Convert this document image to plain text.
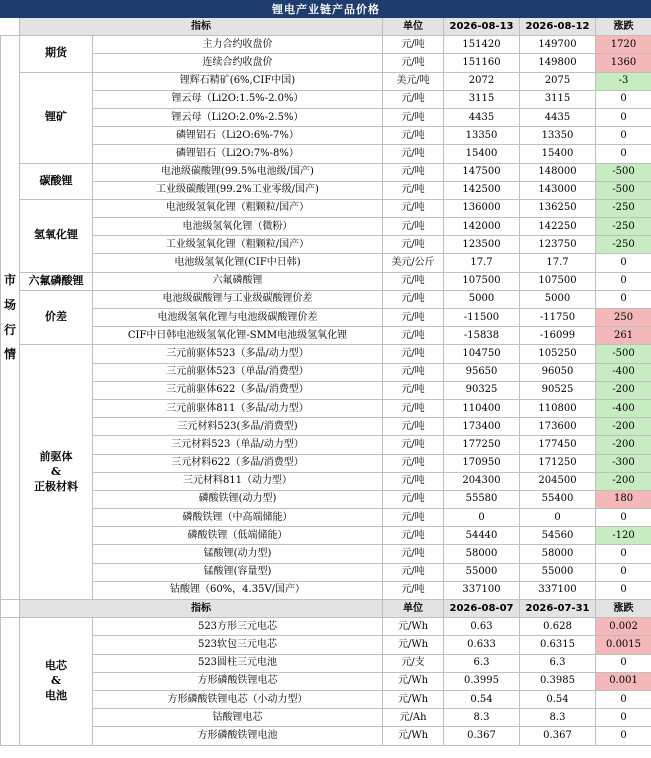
锂电产业链产品价格						
	指标		单位	2026-08-13	2026-08-12	涨跌

市
场
行
情	期货	主力合约收盘价	元/吨	151420	149700	1720
		连续合约收盘价	元/吨	151160	149800	1360
	锂矿	锂辉石精矿(6%,CIF中国)	美元/吨	2072	2075	-3
		锂云母（Li2O:1.5%-2.0%）	元/吨	3115	3115	0
		锂云母（Li2O:2.0%-2.5%）	元/吨	4435	4435	0
		磷锂铝石（Li2O:6%-7%）	元/吨	13350	13350	0
		磷锂铝石（Li2O:7%-8%）	元/吨	15400	15400	0
	碳酸锂	电池级碳酸锂(99.5%电池级/国产)	元/吨	147500	148000	-500
		工业级碳酸锂(99.2%工业零级/国产)	元/吨	142500	143000	-500
	氢氧化锂	电池级氢氧化锂（粗颗粒/国产）	元/吨	136000	136250	-250
		电池级氢氧化锂（微粉）	元/吨	142000	142250	-250
		工业级氢氧化锂（粗颗粒/国产）	元/吨	123500	123750	-250
		电池级氢氧化锂(CIF中日韩)	美元/公斤	17.7	17.7	0
	六氟磷酸锂	六氟磷酸锂	元/吨	107500	107500	0
	价差	电池级碳酸锂与工业级碳酸锂价差	元/吨	5000	5000	0
		电池级氢氧化锂与电池级碳酸锂价差	元/吨	-11500	-11750	250
		CIF中日韩电池级氢氧化锂-SMM电池级氢氧化锂	元/吨	-15838	-16099	261

	前驱体
&
正极材料	三元前驱体523（多晶/动力型）	元/吨	104750	105250	-500
		三元前驱体523（单晶/消费型）	元/吨	95650	96050	-400
		三元前驱体622（多晶/消费型）	元/吨	90325	90525	-200
		三元前驱体811（多晶/动力型）	元/吨	110400	110800	-400
		三元材料523(多晶/消费型)	元/吨	173400	173600	-200
		三元材料523（单晶/动力型）	元/吨	177250	177450	-200
		三元材料622（多晶/消费型）	元/吨	170950	171250	-300
		三元材料811（动力型）	元/吨	204300	204500	-200
		磷酸铁锂(动力型)	元/吨	55580	55400	180
		磷酸铁锂（中高端储能）	元/吨	0	0	0
		磷酸铁锂（低端储能）	元/吨	54440	54560	-120
		锰酸锂(动力型)	元/吨	58000	58000	0
		锰酸锂(容量型)	元/吨	55000	55000	0
		钴酸锂（60%，4.35V/国产）	元/吨	337100	337100	0
	指标		单位	2026-08-07	2026-07-31	涨跌

	电芯
&
电池	523方形三元电芯	元/Wh	0.63	0.628	0.002
		523软包三元电芯	元/Wh	0.633	0.6315	0.0015
		523圆柱三元电池	元/支	6.3	6.3	0
		方形磷酸铁锂电芯	元/Wh	0.3995	0.3985	0.001
		方形磷酸铁锂电芯（小动力型）	元/Wh	0.54	0.54	0
		钴酸锂电芯	元/Ah	8.3	8.3	0
		方形磷酸铁锂电池	元/Wh	0.367	0.367	0
